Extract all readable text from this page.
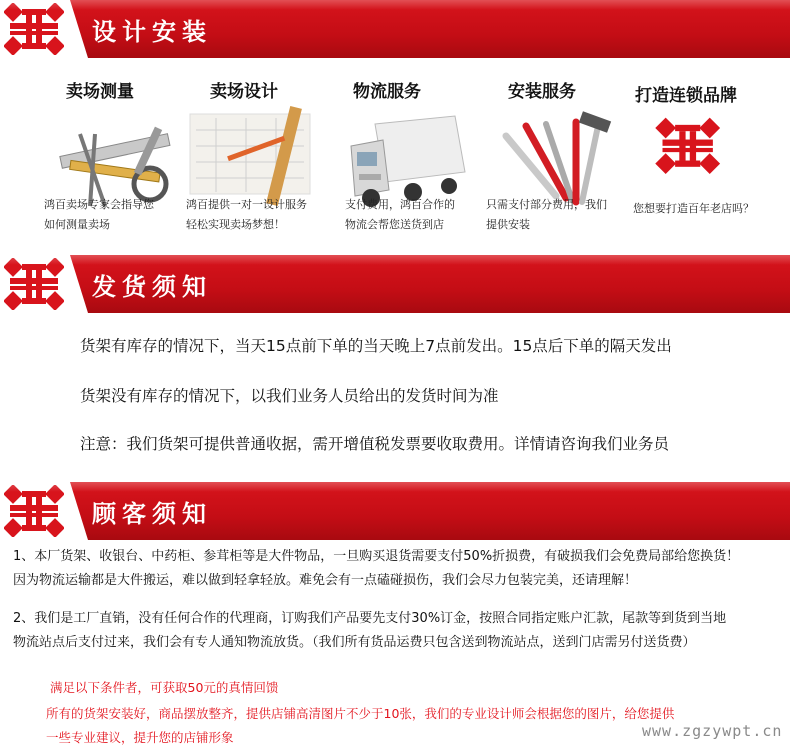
设计安装
卖场测量
鸿百卖场专家会指导您
如何测量卖场
卖场设计
鸿百提供一对一设计服务
轻松实现卖场梦想！
物流服务
支付费用，鸿百合作的
物流会帮您送货到店
安装服务
只需支付部分费用，我们
提供安装
打造连锁品牌
您想要打造百年老店吗？
发货须知
货架有库存的情况下，当天15点前下单的当天晚上7点前发出。15点后下单的隔天发出
货架没有库存的情况下，以我们业务人员给出的发货时间为准
注意：我们货架可提供普通收据，需开增值税发票要收取费用。详情请咨询我们业务员
顾客须知
1、本厂货架、收银台、中药柜、参茸柜等是大件物品，一旦购买退货需要支付50%折损费，有破损我们会免费局部给您换货！
因为物流运输都是大件搬运，难以做到轻拿轻放。难免会有一点磕碰损伤，我们会尽力包装完美，还请理解！
2、我们是工厂直销，没有任何合作的代理商，订购我们产品要先支付30%订金，按照合同指定账户汇款，尾款等到货到当地
物流站点后支付过来，我们会有专人通知物流放货。（我们所有货品运费只包含送到物流站点，送到门店需另付送货费）
满足以下条件者，可获取50元的真情回馈
所有的货架安装好，商品摆放整齐，提供店铺高清图片不少于10张，我们的专业设计师会根据您的图片，给您提供
一些专业建议，提升您的店铺形象	www.zgzywpt.cn
